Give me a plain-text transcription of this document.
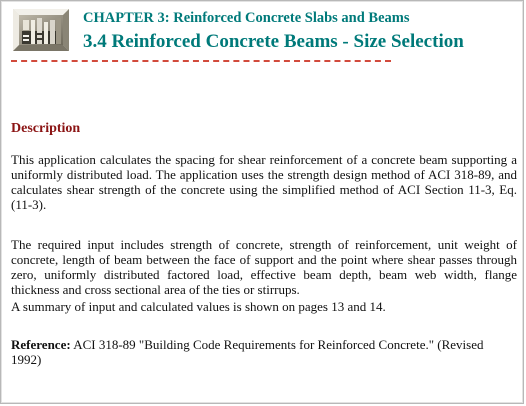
CHAPTER 3: Reinforced Concrete Slabs and Beams
3.4 Reinforced Concrete Beams - Size Selection
Description

This application calculates the spacing for shear reinforcement of a concrete beam supporting a uniformly distributed load. The application uses the strength design method of ACI 318-89, and calculates shear strength of the concrete using the simplified method of ACI Section 11-3, Eq. (11-3).

The required input includes strength of concrete, strength of reinforcement, unit weight of concrete, length of beam between the face of support and the point where shear passes through zero, uniformly distributed factored load, effective beam depth, beam web width, flange thickness and cross sectional area of the ties or stirrups.

A summary of input and calculated values is shown on pages 13 and 14.

Reference: ACI 318-89 "Building Code Requirements for Reinforced Concrete." (Revised 1992)
